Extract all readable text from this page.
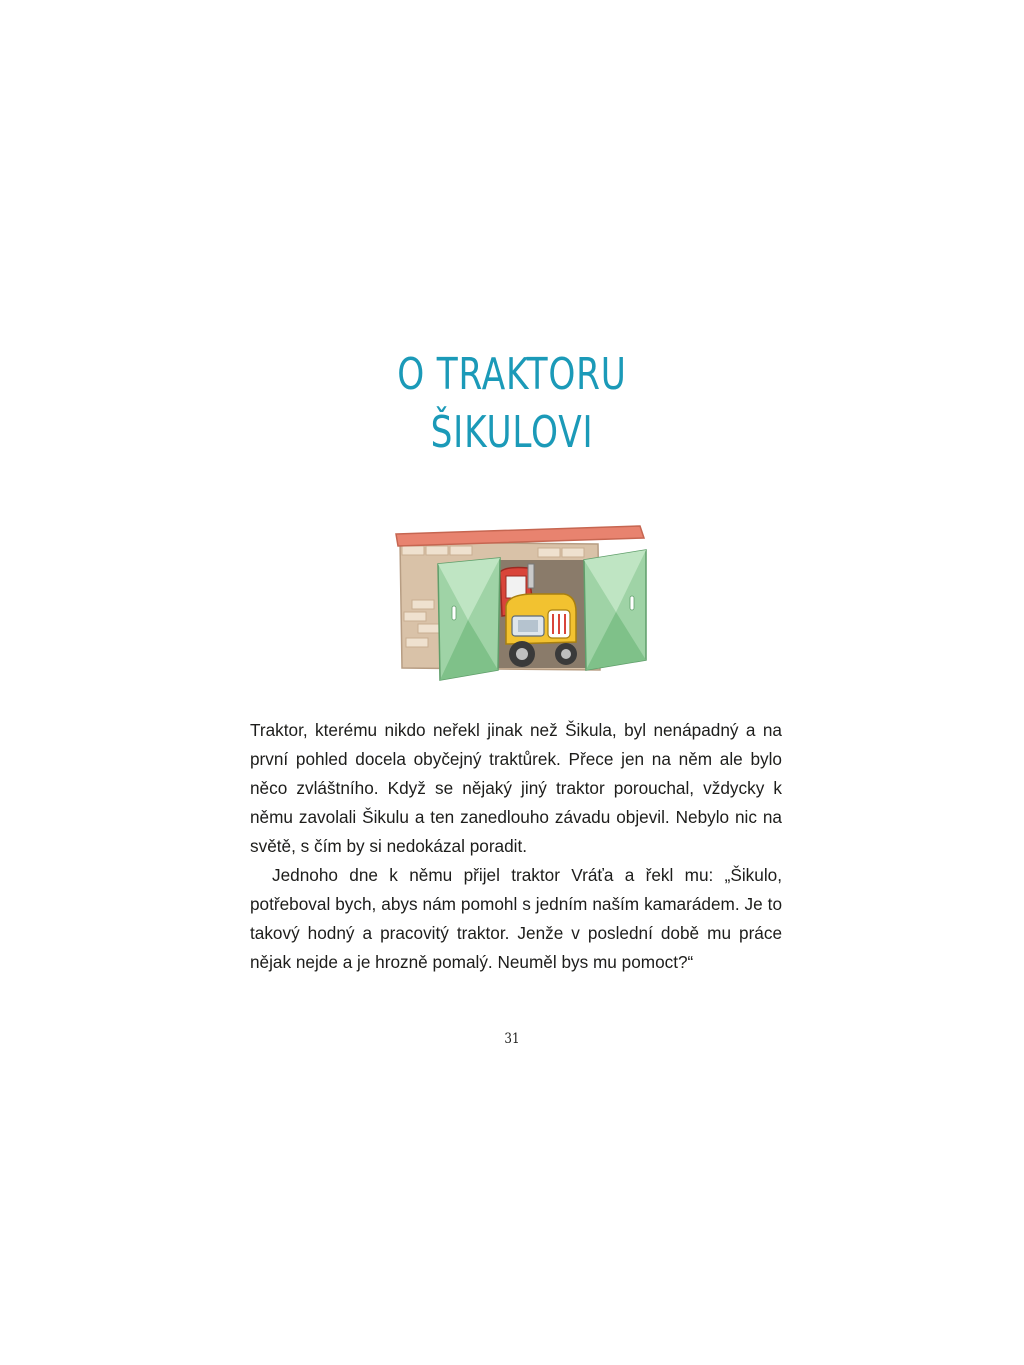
O TRAKTORU
ŠIKULOVI

Traktor, kterému nikdo neřekl jinak než Šikula, byl nenápadný a na první pohled docela obyčejný traktůrek. Přece jen na něm ale bylo něco zvláštního. Když se nějaký jiný traktor porouchal, vždycky k němu zavolali Šikulu a ten zanedlouho závadu objevil. Nebylo nic na světě, s čím by si nedokázal poradit.

Jednoho dne k němu přijel traktor Vráťa a řekl mu: „Šikulo, potřeboval bych, abys nám pomohl s jedním naším kamarádem. Je to takový hodný a pracovitý traktor. Jenže v poslední době mu práce nějak nejde a je hrozně pomalý. Neuměl bys mu pomoct?“

31
